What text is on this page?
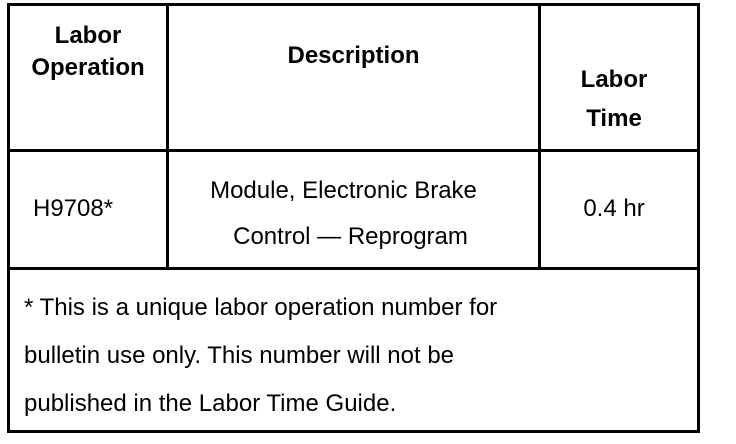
Labor
Operation	Description
Labor
Time
H9708*
Module, Electronic Brake
Control — Reprogram
0.4 hr
* This is a unique labor operation number for
bulletin use only. This number will not be
published in the Labor Time Guide.
